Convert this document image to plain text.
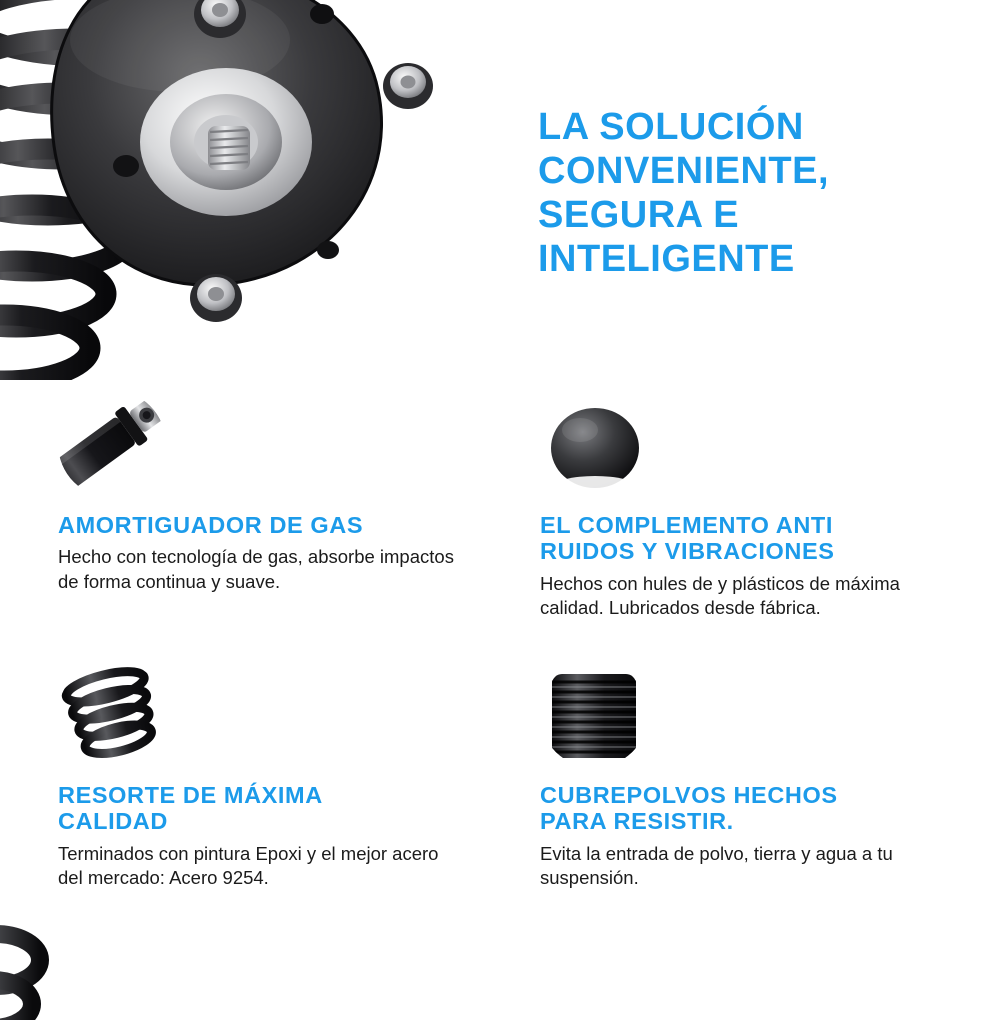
LA SOLUCIÓN
CONVENIENTE,
SEGURA E
INTELIGENTE
AMORTIGUADOR DE GAS
Hecho con tecnología de gas, absorbe impactos de forma continua y suave.
EL COMPLEMENTO ANTI
RUIDOS Y VIBRACIONES
Hechos con hules de y plásticos de máxima calidad. Lubricados desde fábrica.
RESORTE DE MÁXIMA
CALIDAD
Terminados con pintura Epoxi y el mejor acero del mercado: Acero 9254.
CUBREPOLVOS HECHOS
PARA RESISTIR.
Evita la entrada de polvo, tierra y agua a tu suspensión.
